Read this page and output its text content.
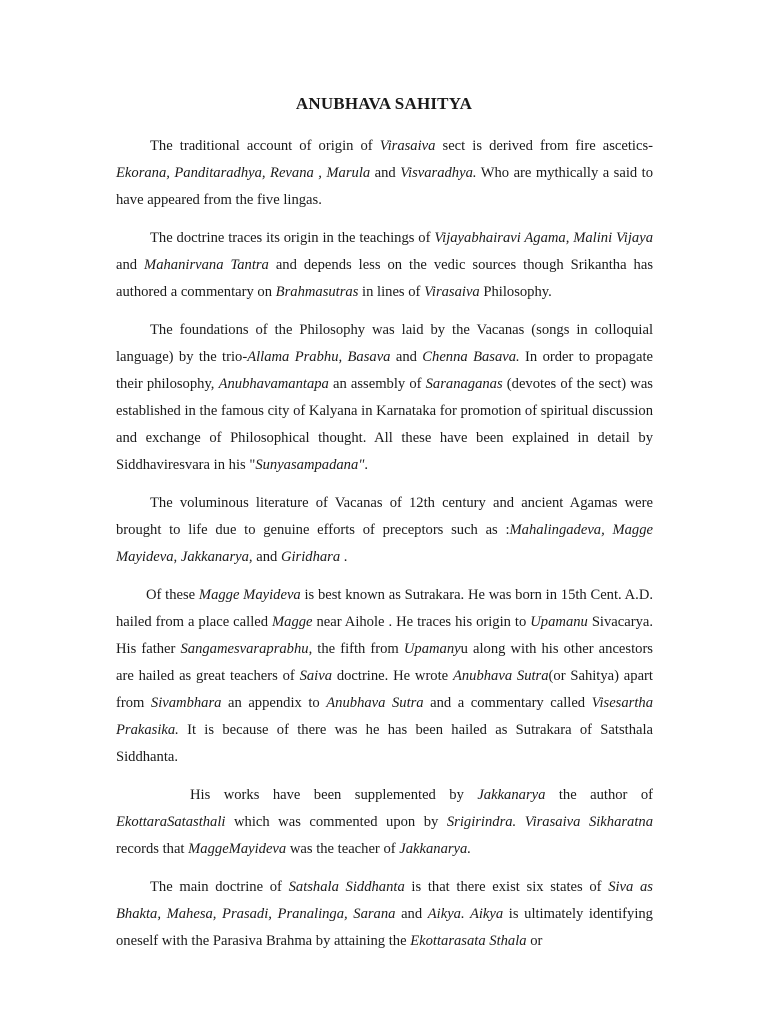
ANUBHAVA SAHITYA

The traditional account of origin of Virasaiva sect is derived from fire ascetics-Ekorana, Panditaradhya, Revana , Marula and Visvaradhya. Who are mythically a said to have appeared from the five lingas.

The doctrine traces its origin in the teachings of Vijayabhairavi Agama, Malini Vijaya and Mahanirvana Tantra and depends less on the vedic sources though Srikantha has authored a commentary on Brahmasutras in lines of Virasaiva Philosophy.

The foundations of the Philosophy was laid by the Vacanas (songs in colloquial language) by the trio-Allama Prabhu, Basava and Chenna Basava. In order to propagate their philosophy, Anubhavamantapa an assembly of Saranaganas (devotes of the sect) was established in the famous city of Kalyana in Karnataka for promotion of spiritual discussion and exchange of Philosophical thought. All these have been explained in detail by Siddhaviresvara in his "Sunyasampadana".

The voluminous literature of Vacanas of 12th century and ancient Agamas were brought to life due to genuine efforts of preceptors such as :Mahalingadeva, Magge Mayideva, Jakkanarya, and Giridhara .

Of these Magge Mayideva is best known as Sutrakara. He was born in 15th Cent. A.D. hailed from a place called Magge near Aihole . He traces his origin to Upamanu Sivacarya. His father Sangamesvaraprabhu, the fifth from Upamanyu along with his other ancestors are hailed as great teachers of Saiva doctrine. He wrote Anubhava Sutra(or Sahitya) apart from Sivambhara an appendix to Anubhava Sutra and a commentary called Visesartha Prakasika. It is because of there was he has been hailed as Sutrakara of Satsthala Siddhanta.

His works have been supplemented by Jakkanarya the author of EkottaraSatasthali which was commented upon by Srigirindra. Virasaiva Sikharatna records that MaggeMayideva was the teacher of Jakkanarya.

The main doctrine of Satshala Siddhanta is that there exist six states of Siva as Bhakta, Mahesa, Prasadi, Pranalinga, Sarana and Aikya. Aikya is ultimately identifying oneself with the Parasiva Brahma by attaining the Ekottarasata Sthala or
